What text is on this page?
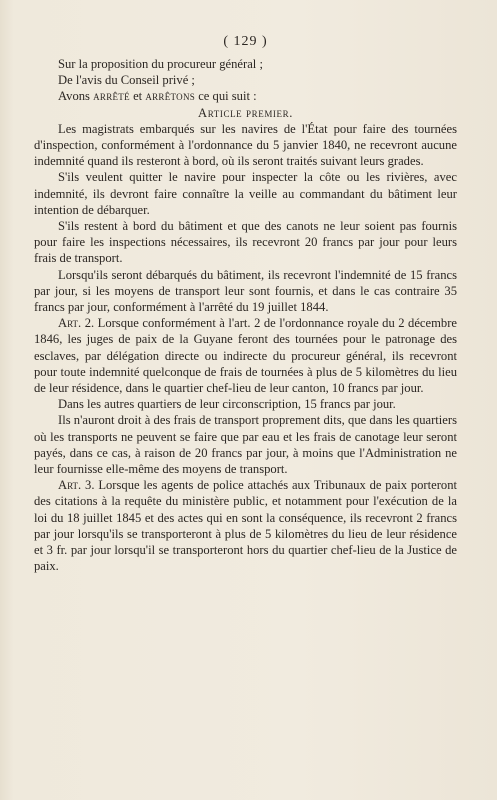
( 129 )

Sur la proposition du procureur général ;

De l'avis du Conseil privé ;

Avons arrêté et arrêtons ce qui suit :

Article premier.

Les magistrats embarqués sur les navires de l'État pour faire des tournées d'inspection, conformément à l'ordonnance du 5 janvier 1840, ne recevront aucune indemnité quand ils resteront à bord, où ils seront traités suivant leurs grades.

S'ils veulent quitter le navire pour inspecter la côte ou les rivières, avec indemnité, ils devront faire connaître la veille au commandant du bâtiment leur intention de débarquer.

S'ils restent à bord du bâtiment et que des canots ne leur soient pas fournis pour faire les inspections nécessaires, ils recevront 20 francs par jour pour leurs frais de transport.

Lorsqu'ils seront débarqués du bâtiment, ils recevront l'indemnité de 15 francs par jour, si les moyens de transport leur sont fournis, et dans le cas contraire 35 francs par jour, conformément à l'arrêté du 19 juillet 1844.

Art. 2. Lorsque conformément à l'art. 2 de l'ordonnance royale du 2 décembre 1846, les juges de paix de la Guyane feront des tournées pour le patronage des esclaves, par délégation directe ou indirecte du procureur général, ils recevront pour toute indemnité quelconque de frais de tournées à plus de 5 kilomètres du lieu de leur résidence, dans le quartier chef-lieu de leur canton, 10 francs par jour.

Dans les autres quartiers de leur circonscription, 15 francs par jour.

Ils n'auront droit à des frais de transport proprement dits, que dans les quartiers où les transports ne peuvent se faire que par eau et les frais de canotage leur seront payés, dans ce cas, à raison de 20 francs par jour, à moins que l'Administration ne leur fournisse elle-même des moyens de transport.

Art. 3. Lorsque les agents de police attachés aux Tribunaux de paix porteront des citations à la requête du ministère public, et notamment pour l'exécution de la loi du 18 juillet 1845 et des actes qui en sont la conséquence, ils recevront 2 francs par jour lorsqu'ils se transporteront à plus de 5 kilomètres du lieu de leur résidence et 3 fr. par jour lorsqu'il se transporteront hors du quartier chef-lieu de la Justice de paix.
